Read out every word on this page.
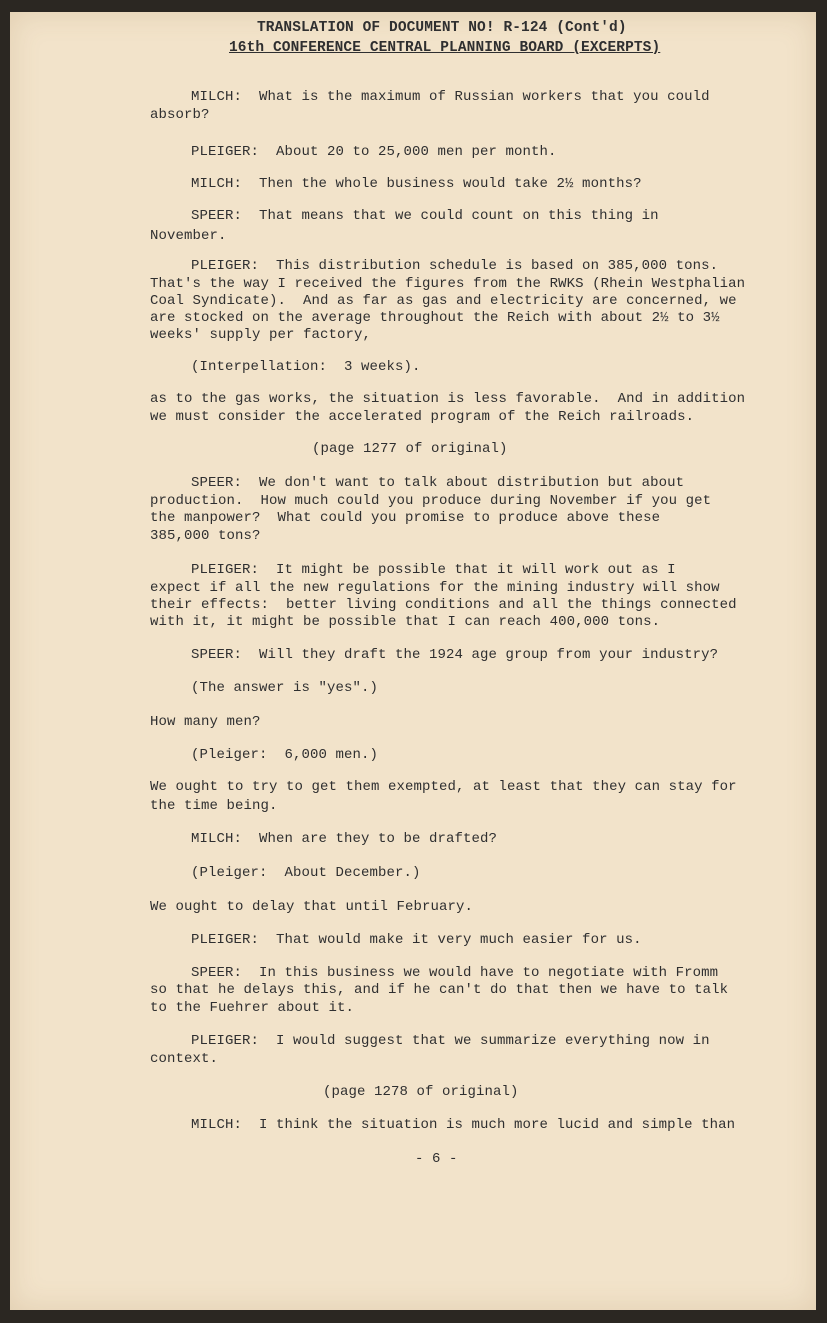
TRANSLATION OF DOCUMENT NO! R-124 (Cont'd)
16th CONFERENCE CENTRAL PLANNING BOARD (EXCERPTS)
MILCH:  What is the maximum of Russian workers that you could
absorb?
PLEIGER:  About 20 to 25,000 men per month.
MILCH:  Then the whole business would take 2½ months?
SPEER:  That means that we could count on this thing in
November.
PLEIGER:  This distribution schedule is based on 385,000 tons.
That's the way I received the figures from the RWKS (Rhein Westphalian
Coal Syndicate).  And as far as gas and electricity are concerned, we
are stocked on the average throughout the Reich with about 2½ to 3½
weeks' supply per factory,
(Interpellation:  3 weeks).
as to the gas works, the situation is less favorable.  And in addition
we must consider the accelerated program of the Reich railroads.
(page 1277 of original)
SPEER:  We don't want to talk about distribution but about
production.  How much could you produce during November if you get
the manpower?  What could you promise to produce above these
385,000 tons?
PLEIGER:  It might be possible that it will work out as I
expect if all the new regulations for the mining industry will show
their effects:  better living conditions and all the things connected
with it, it might be possible that I can reach 400,000 tons.
SPEER:  Will they draft the 1924 age group from your industry?
(The answer is "yes".)
How many men?
(Pleiger:  6,000 men.)
We ought to try to get them exempted, at least that they can stay for
the time being.
MILCH:  When are they to be drafted?
(Pleiger:  About December.)
We ought to delay that until February.
PLEIGER:  That would make it very much easier for us.
SPEER:  In this business we would have to negotiate with Fromm
so that he delays this, and if he can't do that then we have to talk
to the Fuehrer about it.
PLEIGER:  I would suggest that we summarize everything now in
context.
(page 1278 of original)
MILCH:  I think the situation is much more lucid and simple than
- 6 -
